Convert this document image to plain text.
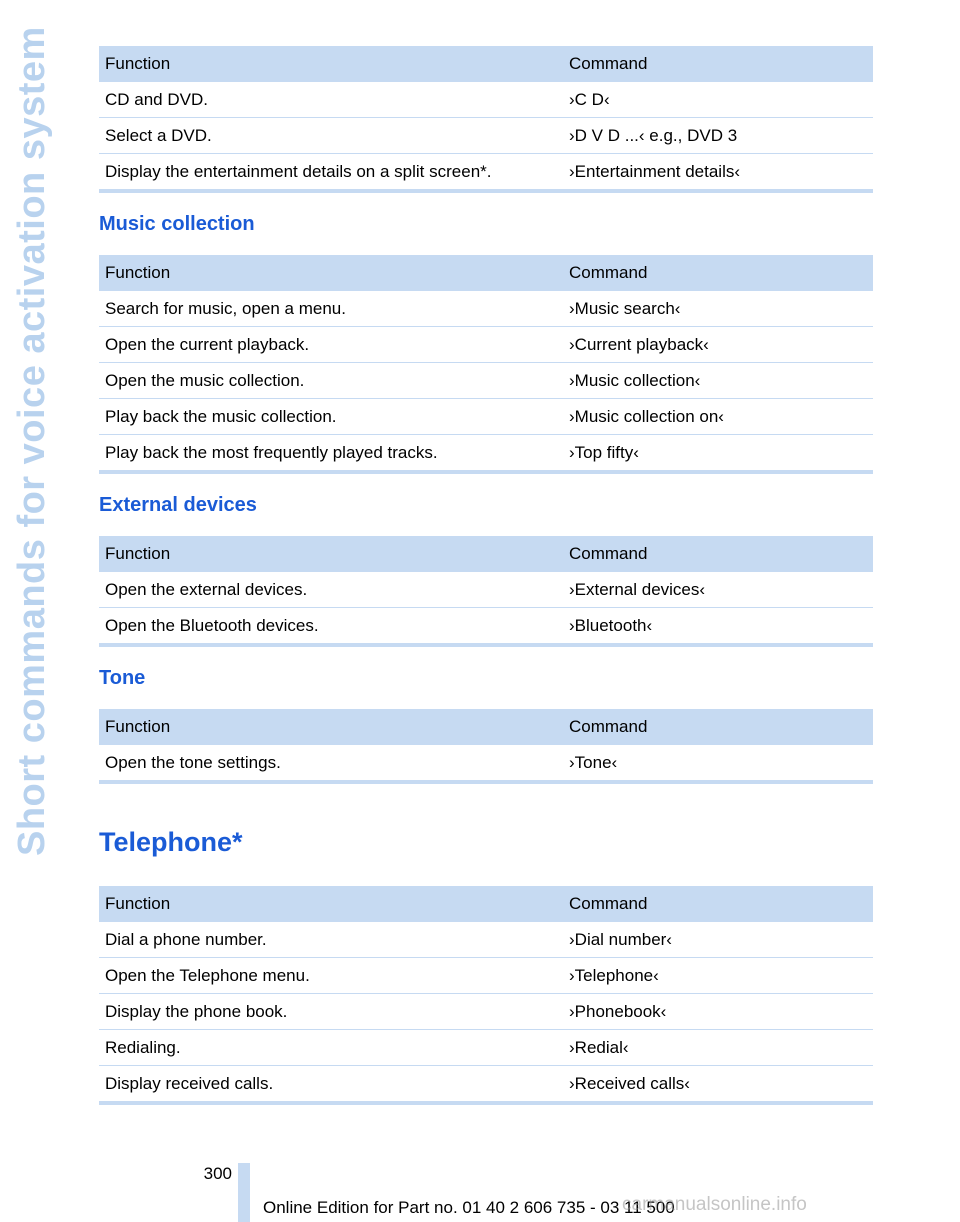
Short commands for voice activation system	Function	Command
CD and DVD.	›C D‹
Select a DVD.	›D V D ...‹ e.g., DVD 3
Display the entertainment details on a split screen*.	›Entertainment details‹
Music collection
Function	Command
Search for music, open a menu.	›Music search‹
Open the current playback.	›Current playback‹
Open the music collection.	›Music collection‹
Play back the music collection.	›Music collection on‹
Play back the most frequently played tracks.	›Top fifty‹
External devices
Function	Command
Open the external devices.	›External devices‹
Open the Bluetooth devices.	›Bluetooth‹
Tone
Function	Command
Open the tone settings.	›Tone‹
Telephone*
Function	Command
Dial a phone number.	›Dial number‹
Open the Telephone menu.	›Telephone‹
Display the phone book.	›Phonebook‹
Redialing.	›Redial‹
Display received calls.	›Received calls‹
300
Online Edition for Part no. 01 40 2 606 735 - 03 11 500
carmanualsonline.info
